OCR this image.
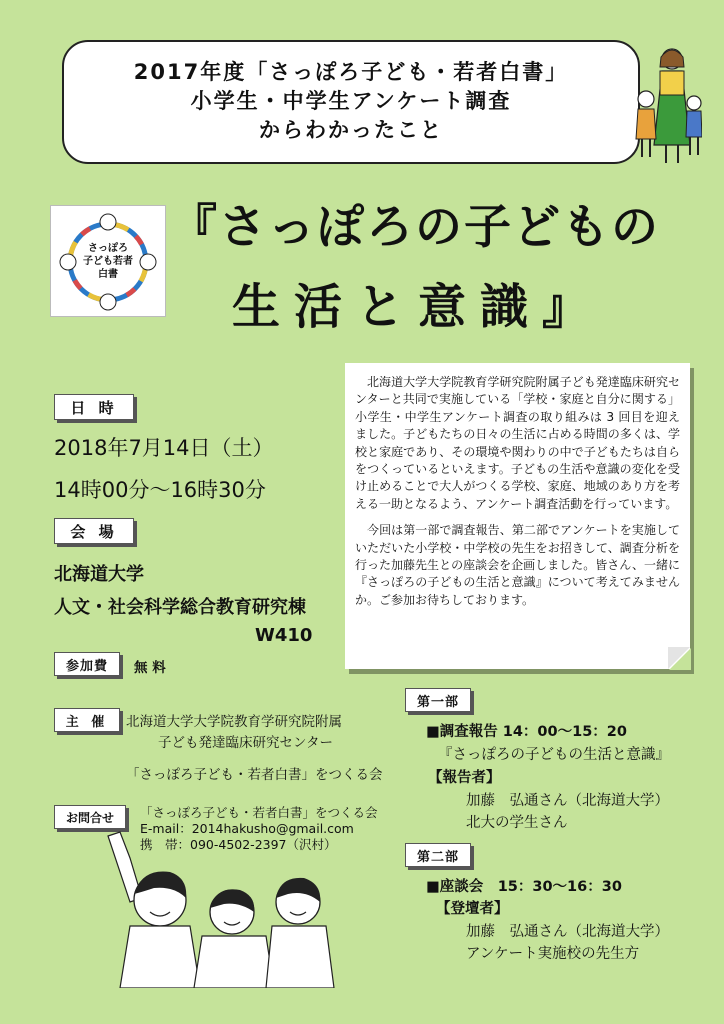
2017年度「さっぽろ子ども・若者白書」
小学生・中学生アンケート調査
からわかったこと
さっぽろ
子ども若者
白書
『さっぽろの子どもの
生活と意識』
日 時
2018年7月14日（土）
14時00分～16時30分
会 場
北海道大学
人文・社会科学総合教育研究棟
W410
参加費	無 料
主 催	北海道大学大学院教育学研究院附属
子ども発達臨床研究センター
「さっぽろ子ども・若者白書」をつくる会
お問合せ	「さっぽろ子ども・若者白書」をつくる会
E-mail：2014hakusho@gmail.com
携　帯：090-4502-2397（沢村）

北海道大学大学院教育学研究院附属子ども発達臨床研究センターと共同で実施している「学校・家庭と自分に関する」小学生・中学生アンケート調査の取り組みは 3 回目を迎えました。子どもたちの日々の生活に占める時間の多くは、学校と家庭であり、その環境や関わりの中で子どもたちは自らをつくっているといえます。子どもの生活や意識の変化を受け止めることで大人がつくる学校、家庭、地域のあり方を考える一助となるよう、アンケート調査活動を行っています。

今回は第一部で調査報告、第二部でアンケートを実施していただいた小学校・中学校の先生をお招きして、調査分析を行った加藤先生との座談会を企画しました。皆さん、一緒に『さっぽろの子どもの生活と意識』について考えてみませんか。ご参加お待ちしております。

第一部
■調査報告 14：00～15：20
『さっぽろの子どもの生活と意識』
【報告者】
加藤　弘通さん（北海道大学）
北大の学生さん
第二部
■座談会　15：30～16：30
【登壇者】
加藤　弘通さん（北海道大学）
アンケート実施校の先生方
